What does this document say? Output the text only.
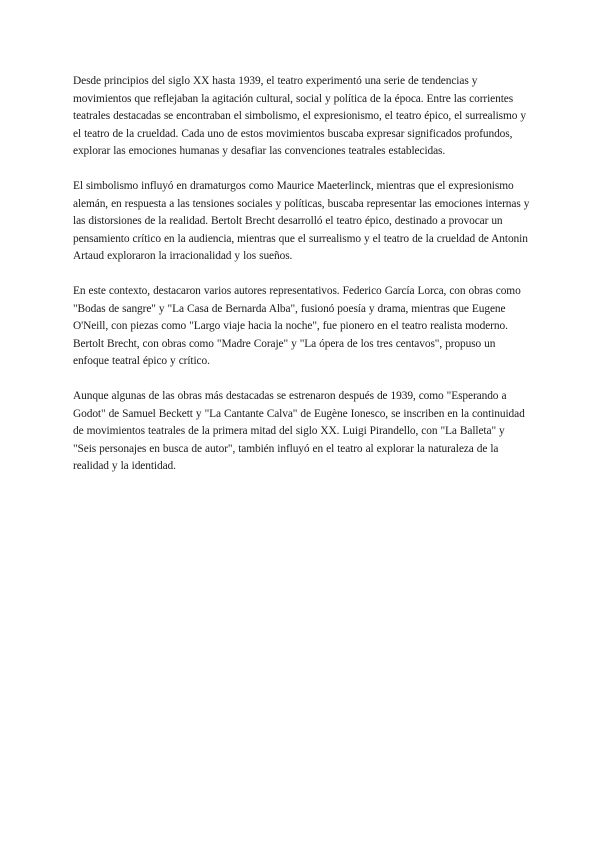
Desde principios del siglo XX hasta 1939, el teatro experimentó una serie de tendencias y movimientos que reflejaban la agitación cultural, social y política de la época. Entre las corrientes teatrales destacadas se encontraban el simbolismo, el expresionismo, el teatro épico, el surrealismo y el teatro de la crueldad. Cada uno de estos movimientos buscaba expresar significados profundos, explorar las emociones humanas y desafiar las convenciones teatrales establecidas.

El simbolismo influyó en dramaturgos como Maurice Maeterlinck, mientras que el expresionismo alemán, en respuesta a las tensiones sociales y políticas, buscaba representar las emociones internas y las distorsiones de la realidad. Bertolt Brecht desarrolló el teatro épico, destinado a provocar un pensamiento crítico en la audiencia, mientras que el surrealismo y el teatro de la crueldad de Antonin Artaud exploraron la irracionalidad y los sueños.

En este contexto, destacaron varios autores representativos. Federico García Lorca, con obras como "Bodas de sangre" y "La Casa de Bernarda Alba", fusionó poesía y drama, mientras que Eugene O'Neill, con piezas como "Largo viaje hacia la noche", fue pionero en el teatro realista moderno. Bertolt Brecht, con obras como "Madre Coraje" y "La ópera de los tres centavos", propuso un enfoque teatral épico y crítico.

Aunque algunas de las obras más destacadas se estrenaron después de 1939, como "Esperando a Godot" de Samuel Beckett y "La Cantante Calva" de Eugène Ionesco, se inscriben en la continuidad de movimientos teatrales de la primera mitad del siglo XX. Luigi Pirandello, con "La Balleta" y "Seis personajes en busca de autor", también influyó en el teatro al explorar la naturaleza de la realidad y la identidad.
